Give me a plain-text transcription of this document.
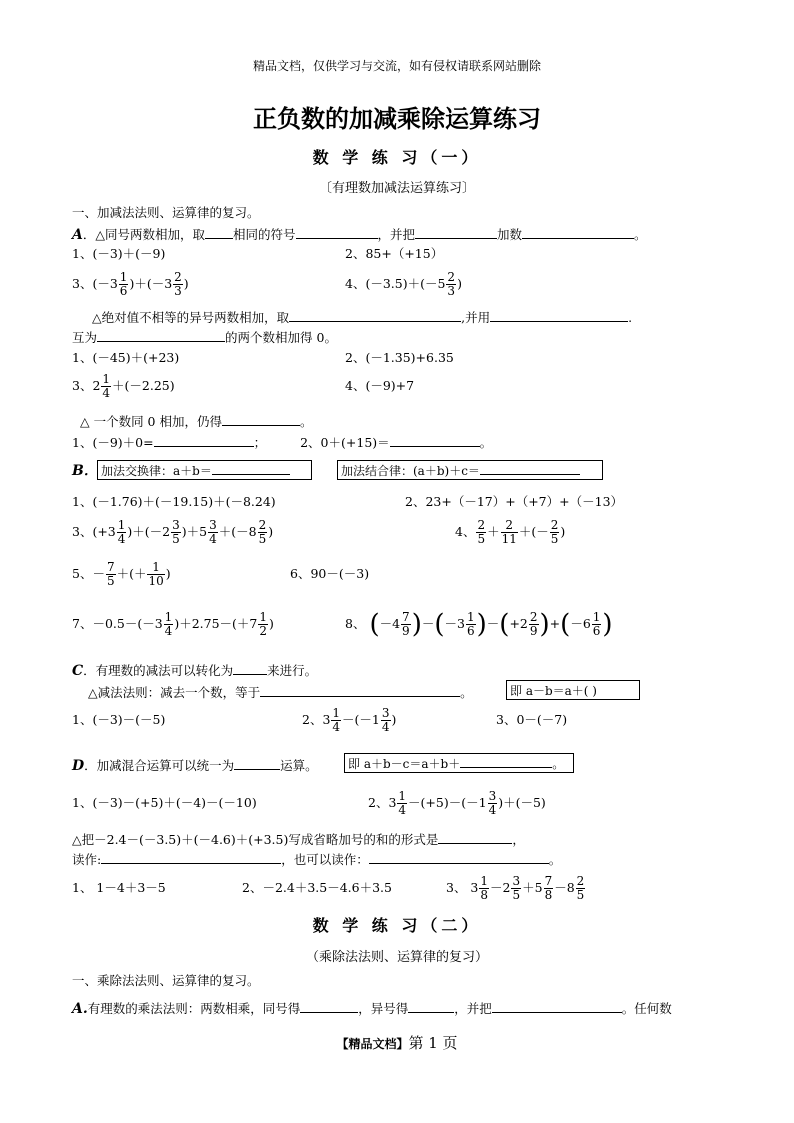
精品文档，仅供学习与交流，如有侵权请联系网站删除
正负数的加减乘除运算练习
数 学 练 习（一）
〔有理数加减法运算练习〕
一、加减法法则、运算律的复习。
A．△同号两数相加，取 相同的符号	，并把	加数	。
1、(－3)＋(－9)	2、85+（+15）
3、$(-3 \frac{1}{6} )+(-3 \frac{2}{3}$ )	4、$(-3.5)+(-5 \frac{2}{3}$ )
△绝对值不相等的异号两数相加，取	,并用	.
互为	的两个数相加得 0。
1、(－45)＋(+23)	2、(－1.35)+6.35
3、$2 \frac{1}{4} +(-2.25)$	4、(－9)+7
△ 一个数同 0 相加，仍得	。
1、(－9)＋0=	；	2、0＋(+15)＝	。
B． 加法交换律：a＋b＝	加法结合律：(a＋b)＋c＝
1、(－1.76)＋(－19.15)＋(－8.24)	2、23+（－17）+（+7）+（－13）
3、$(+3 \frac{1}{4} )+(-2 \frac{3}{5} )+5 \frac{3}{4} +(-8 \frac{2}{5}$ )	4、 $\frac{2}{5} + \frac{2}{11}$ ＋(－ $\frac{2}{5}$ )
5、－ $\frac{7}{5}$ ＋(＋ $\frac{1}{10}$ )	6、90－(－3)
7、$-0.5-(-3 \frac{1}{4} )+2.75-(+7 \frac{1}{2}$ )	8、 $(-4 \frac{7}{9} )-(-3 \frac{1}{6} )-(+2 \frac{2}{9} )+(-6 \frac{1}{6}$ )
C．有理数的减法可以转化为	来进行。
△减法法则：减去一个数，等于	。	即 a－b＝a＋( )
1、(－3)－(－5)	2、$3 \frac{1}{4} -(-1 \frac{3}{4}$ )	3、0－(－7)
D．加减混合运算可以统一为	运算。	即 a＋b－c＝a＋b＋	。
1、(－3)－(+5)＋(－4)－(－10)	2、$3 \frac{1}{4} -(+5)-(-1 \frac{3}{4} )+(-5)$
△把－2.4－(－3.5)＋(－4.6)＋(+3.5)写成省略加号的和的形式是	，
读作:	，也可以读作：	。
1、 1－4＋3－5	2、－2.4＋3.5－4.6＋3.5	3、 $3 \frac{1}{8} -2 \frac{3}{5} +5 \frac{7}{8} -8 \frac{2}{5}$
数 学 练 习（二）
（乘除法法则、运算律的复习）
一、乘除法法则、运算律的复习。
A.有理数的乘法法则：两数相乘，同号得	，异号得	，并把	。任何数
【精品文档】第 1 页
